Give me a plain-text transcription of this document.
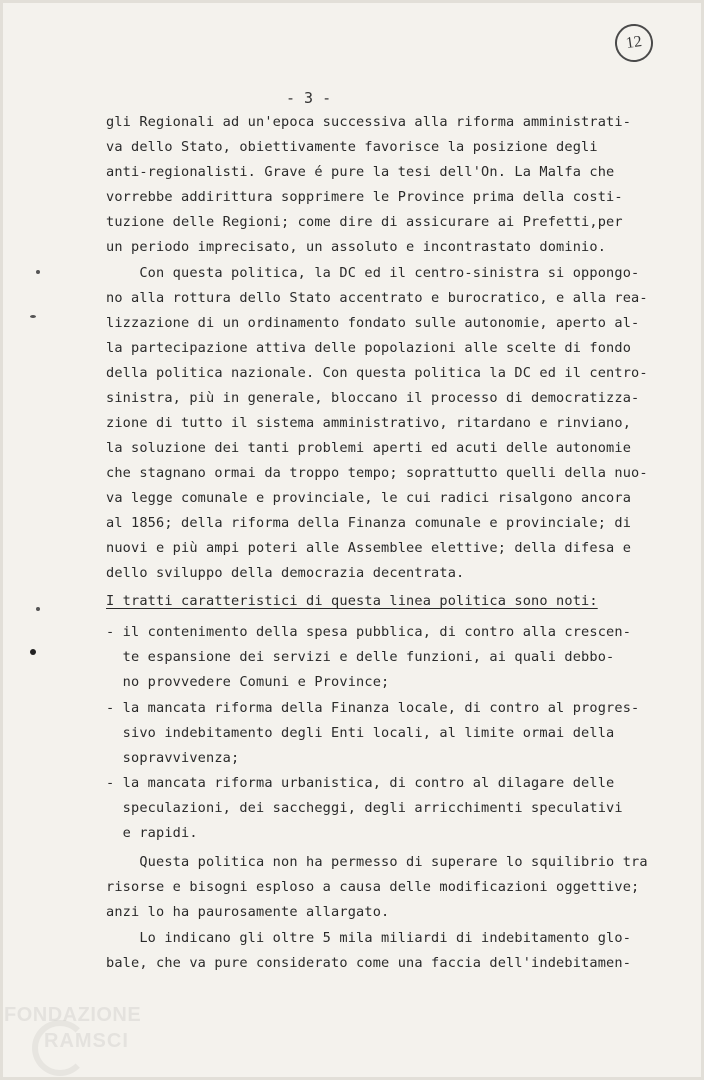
12
- 3 -
gli Regionali ad un'epoca successiva alla riforma amministrati-
va dello Stato, obiettivamente favorisce la posizione degli
anti-regionalisti. Grave é pure la tesi dell'On. La Malfa che
vorrebbe addirittura sopprimere le Province prima della costi-
tuzione delle Regioni; come dire di assicurare ai Prefetti,per
un periodo imprecisato, un assoluto e incontrastato dominio.
Con questa politica, la DC ed il centro-sinistra si oppongo-
no alla rottura dello Stato accentrato e burocratico, e alla rea-
lizzazione di un ordinamento fondato sulle autonomie, aperto al-
la partecipazione attiva delle popolazioni alle scelte di fondo
della politica nazionale. Con questa politica la DC ed il centro-
sinistra, più in generale, bloccano il processo di democratizza-
zione di tutto il sistema amministrativo, ritardano e rinviano,
la soluzione dei tanti problemi aperti ed acuti delle autonomie
che stagnano ormai da troppo tempo; soprattutto quelli della nuo-
va legge comunale e provinciale, le cui radici risalgono ancora
al 1856; della riforma della Finanza comunale e provinciale; di
nuovi e più ampi poteri alle Assemblee elettive; della difesa e
dello sviluppo della democrazia decentrata.
I tratti caratteristici di questa linea politica sono noti:
- il contenimento della spesa pubblica, di contro alla crescen-
te espansione dei servizi e delle funzioni, ai quali debbo-
no provvedere Comuni e Province;
- la mancata riforma della Finanza locale, di contro al progres-
sivo indebitamento degli Enti locali, al limite ormai della
sopravvivenza;
- la mancata riforma urbanistica, di contro al dilagare delle
speculazioni, dei saccheggi, degli arricchimenti speculativi
e rapidi.
Questa politica non ha permesso di superare lo squilibrio tra
risorse e bisogni esploso a causa delle modificazioni oggettive;
anzi lo ha paurosamente allargato.
Lo indicano gli oltre 5 mila miliardi di indebitamento glo-
bale, che va pure considerato come una faccia dell'indebitamen-
FONDAZIONE
RAMSCI
